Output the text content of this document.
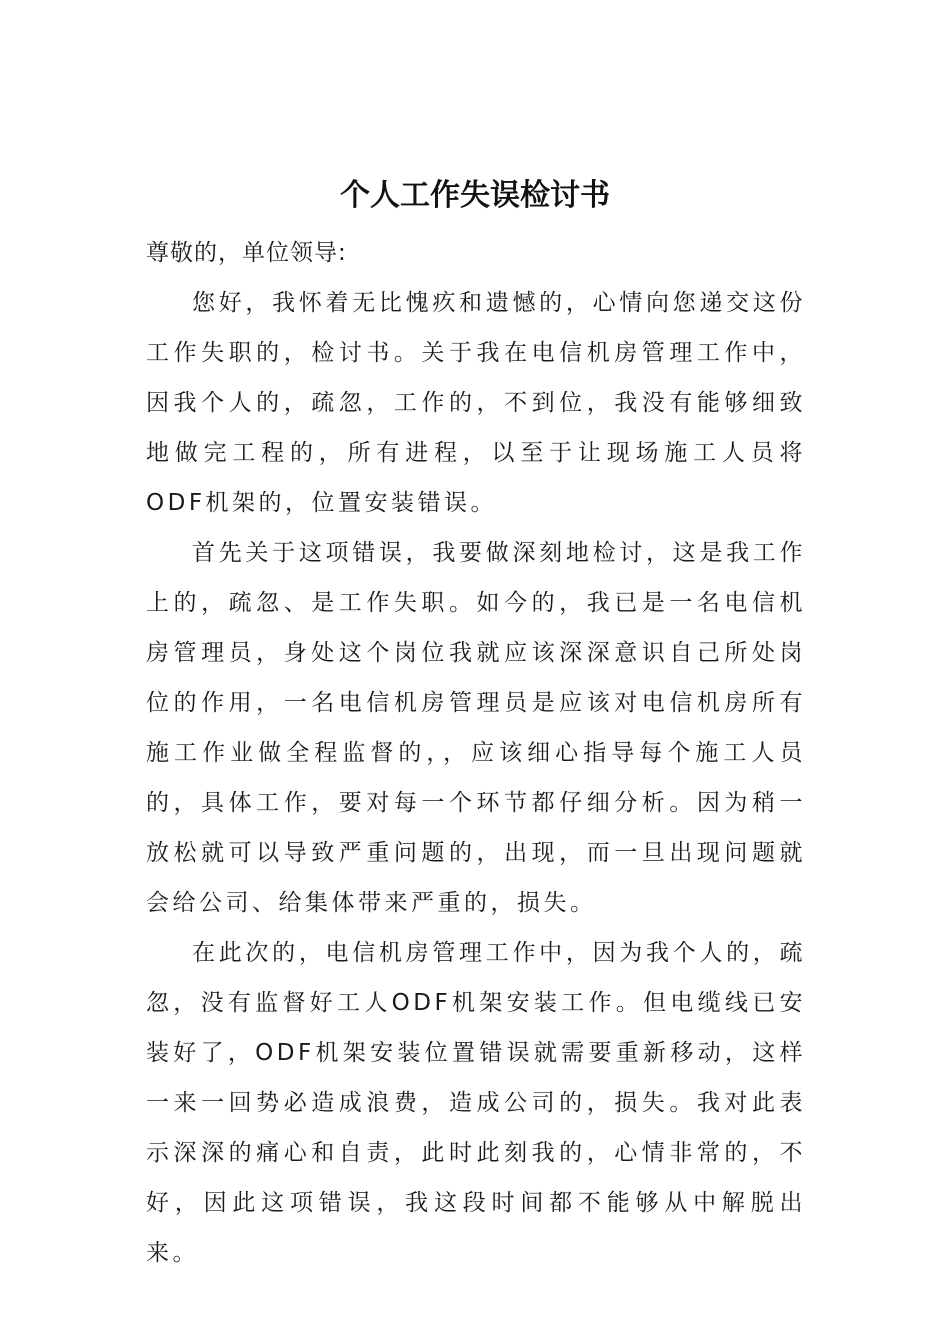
个人工作失误检讨书

尊敬的，单位领导:

您好，我怀着无比愧疚和遗憾的，心情向您递交这份工作失职的，检讨书。关于我在电信机房管理工作中，因我个人的，疏忽，工作的，不到位，我没有能够细致地做完工程的，所有进程，以至于让现场施工人员将ODF机架的，位置安装错误。

首先关于这项错误，我要做深刻地检讨，这是我工作上的，疏忽、是工作失职。如今的，我已是一名电信机房管理员，身处这个岗位我就应该深深意识自己所处岗位的作用，一名电信机房管理员是应该对电信机房所有施工作业做全程监督的，，应该细心指导每个施工人员的，具体工作，要对每一个环节都仔细分析。因为稍一放松就可以导致严重问题的，出现，而一旦出现问题就会给公司、给集体带来严重的，损失。

在此次的，电信机房管理工作中，因为我个人的，疏忽，没有监督好工人ODF机架安装工作。但电缆线已安装好了，ODF机架安装位置错误就需要重新移动，这样一来一回势必造成浪费，造成公司的，损失。我对此表示深深的痛心和自责，此时此刻我的，心情非常的，不好，因此这项错误，我这段时间都不能够从中解脱出来。
